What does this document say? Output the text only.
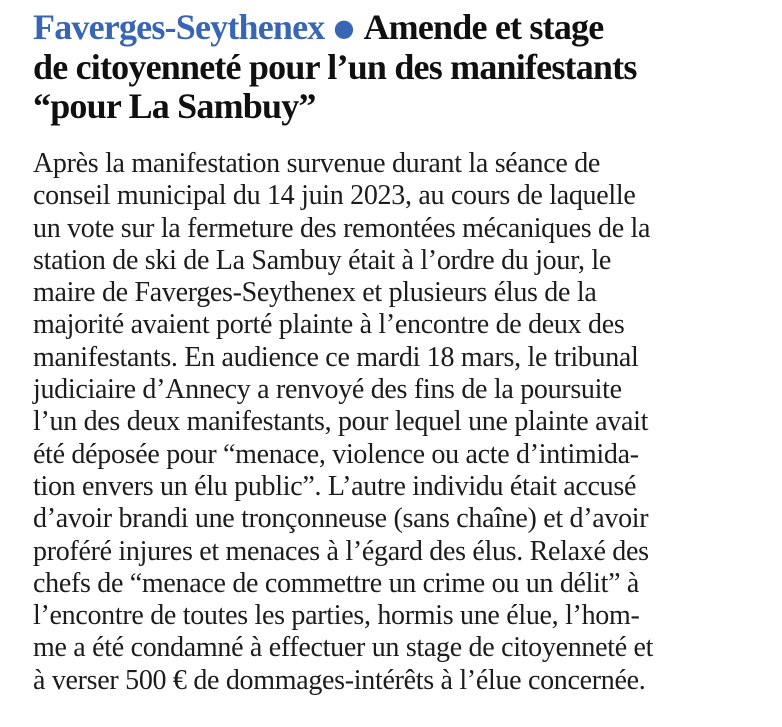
Faverges-Seythenex ● Amende et stage
de citoyenneté pour l’un des manifestants
“pour La Sambuy”
Après la manifestation survenue durant la séance de
conseil municipal du 14 juin 2023, au cours de laquelle
un vote sur la fermeture des remontées mécaniques de la
station de ski de La Sambuy était à l’ordre du jour, le
maire de Faverges-Seythenex et plusieurs élus de la
majorité avaient porté plainte à l’encontre de deux des
manifestants. En audience ce mardi 18 mars, le tribunal
judiciaire d’Annecy a renvoyé des fins de la poursuite
l’un des deux manifestants, pour lequel une plainte avait
été déposée pour “menace, violence ou acte d’intimida-
tion envers un élu public”. L’autre individu était accusé
d’avoir brandi une tronçonneuse (sans chaîne) et d’avoir
proféré injures et menaces à l’égard des élus. Relaxé des
chefs de “menace de commettre un crime ou un délit” à
l’encontre de toutes les parties, hormis une élue, l’hom-
me a été condamné à effectuer un stage de citoyenneté et
à verser 500 € de dommages-intérêts à l’élue concernée.
